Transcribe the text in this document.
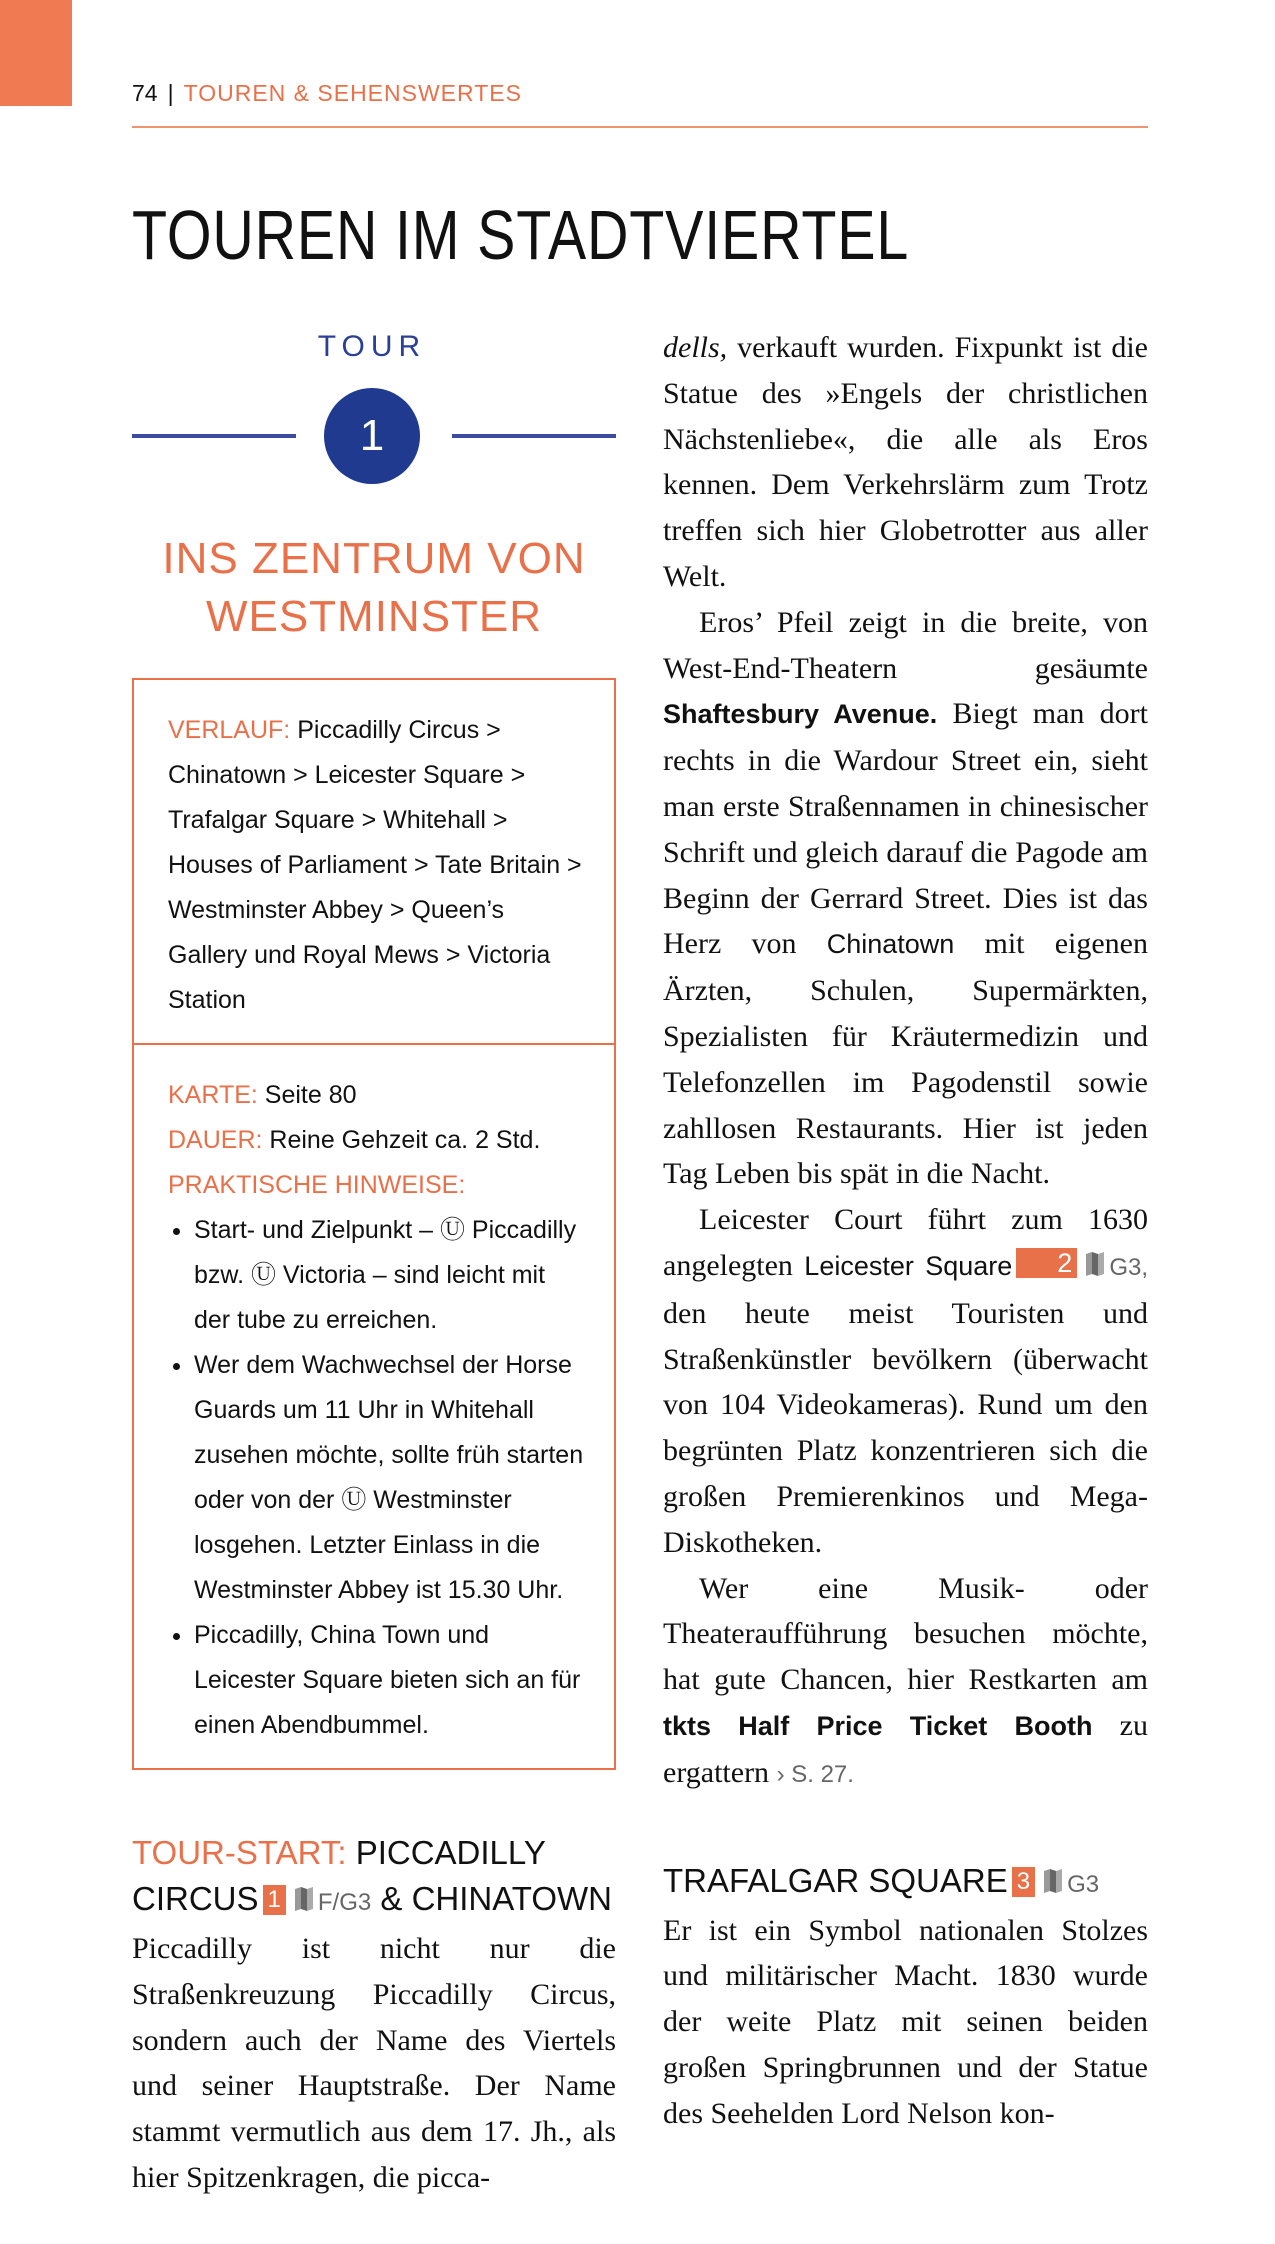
74 | TOUREN & SEHENSWERTES
TOUREN IM STADTVIERTEL
TOUR
1
INS ZENTRUM VON
WESTMINSTER
VERLAUF: Piccadilly Circus > Chinatown > Leicester Square > Trafalgar Square > Whitehall > Houses of Parliament > Tate Britain > Westminster Abbey > Queen’s Gallery und Royal Mews > Victoria Station
KARTE: Seite 80
DAUER: Reine Gehzeit ca. 2 Std.
PRAKTISCHE HINWEISE:
• Start- und Zielpunkt – Ⓤ Piccadilly bzw. Ⓤ Victoria – sind leicht mit der tube zu erreichen.
• Wer dem Wachwechsel der Horse Guards um 11 Uhr in Whitehall zusehen möchte, sollte früh starten oder von der Ⓤ Westminster losgehen. Letzter Einlass in die Westminster Abbey ist 15.30 Uhr.
• Piccadilly, China Town und Leicester Square bieten sich an für einen Abendbummel.
TOUR-START: PICCADILLY CIRCUS 1 F/G3 & CHINATOWN

Piccadilly ist nicht nur die Straßenkreuzung Piccadilly Circus, sondern auch der Name des Viertels und seiner Hauptstraße. Der Name stammt vermutlich aus dem 17. Jh., als hier Spitzenkragen, die picca-

dells, verkauft wurden. Fixpunkt ist die Statue des »Engels der christlichen Nächstenliebe«, die alle als Eros kennen. Dem Verkehrslärm zum Trotz treffen sich hier Globetrotter aus aller Welt.

Eros’ Pfeil zeigt in die breite, von West-End-Theatern gesäumte Shaftesbury Avenue. Biegt man dort rechts in die Wardour Street ein, sieht man erste Straßennamen in chinesischer Schrift und gleich darauf die Pagode am Beginn der Gerrard Street. Dies ist das Herz von Chinatown mit eigenen Ärzten, Schulen, Supermärkten, Spezialisten für Kräutermedizin und Telefonzellen im Pagodenstil sowie zahllosen Restaurants. Hier ist jeden Tag Leben bis spät in die Nacht.

Leicester Court führt zum 1630 angelegten Leicester Square 2 G3, den heute meist Touristen und Straßenkünstler bevölkern (überwacht von 104 Videokameras). Rund um den begrünten Platz konzentrieren sich die großen Premierenkinos und Mega-Diskotheken.

Wer eine Musik- oder Theateraufführung besuchen möchte, hat gute Chancen, hier Restkarten am tkts Half Price Ticket Booth zu ergattern › S. 27.

TRAFALGAR SQUARE 3 G3

Er ist ein Symbol nationalen Stolzes und militärischer Macht. 1830 wurde der weite Platz mit seinen beiden großen Springbrunnen und der Statue des Seehelden Lord Nelson kon-
